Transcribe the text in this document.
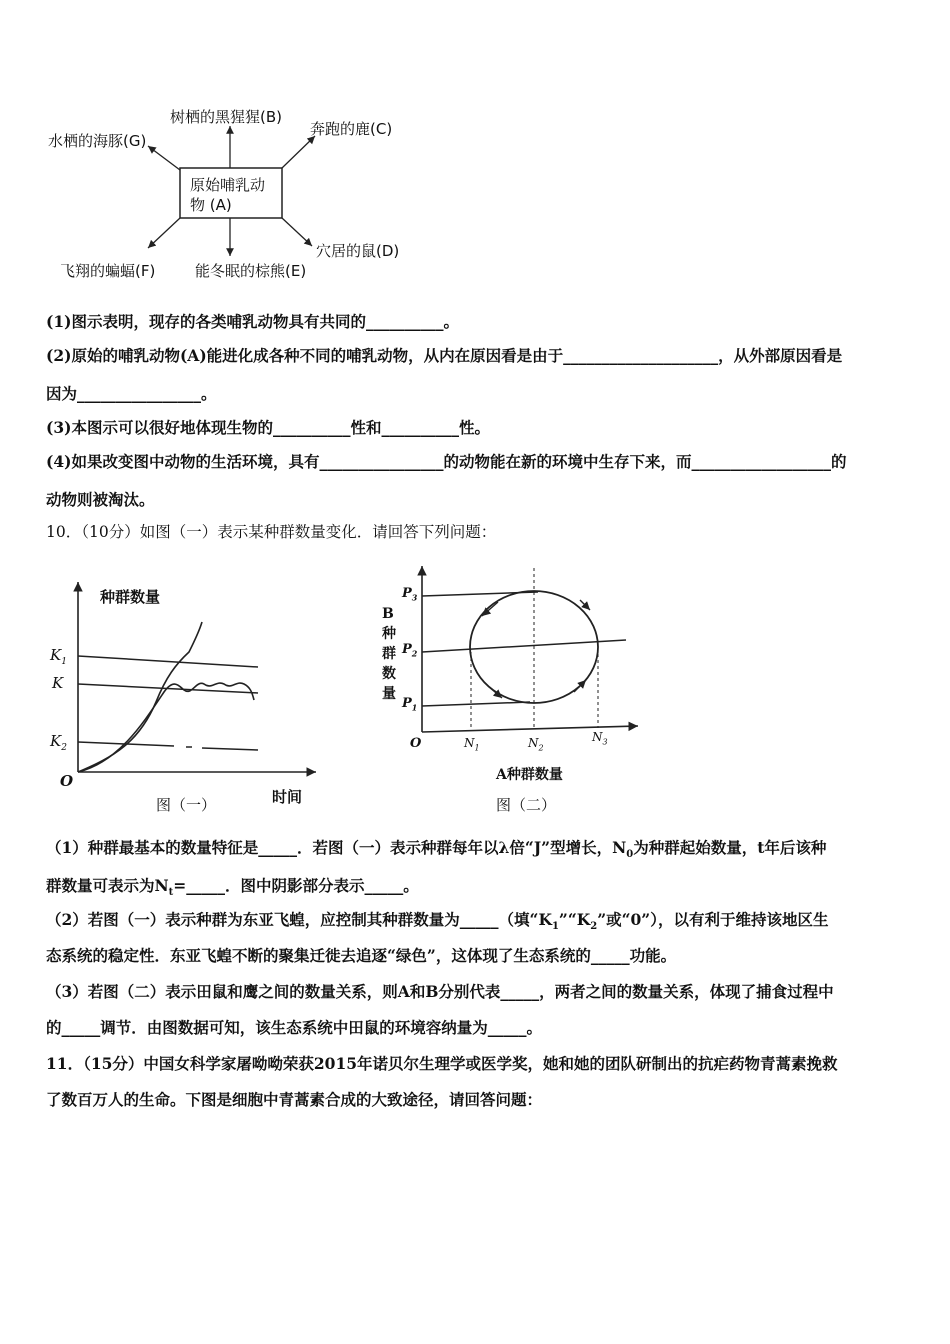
原始哺乳动
物 (A)
树栖的黑猩猩(B)
奔跑的鹿(C)
水栖的海豚(G)
穴居的鼠(D)
飞翔的蝙蝠(F)	能冬眠的棕熊(E)
(1)图示表明，现存的各类哺乳动物具有共同的__________。
(2)原始的哺乳动物(A)能进化成各种不同的哺乳动物，从内在原因看是由于____________________，从外部原因看是
因为________________。
(3)本图示可以很好地体现生物的__________性和__________性。
(4)如果改变图中动物的生活环境，具有________________的动物能在新的环境中生存下来，而__________________的
动物则被淘汰。
10．（10分）如图（一）表示某种群数量变化．请回答下列问题：
种群数量
$K_1$
K
$K_2$
O
时间
图（一）
B
种
群
数
量
$P_3$
$P_2$
$P_1$
O	$N_1$	$N_2$
$N_3$
A种群数量
图（二）
（1）种群最基本的数量特征是_____．若图（一）表示种群每年以λ倍“J”型增长，$N_0$为种群起始数量，t年后该种
群数量可表示为$N_t=\_\_\_\_\_$．图中阴影部分表示_____。
（2）若图（一）表示种群为东亚飞蝗，应控制其种群数量为_____（填“$K_1”“K_2$”或“0”），以有利于维持该地区生
态系统的稳定性．东亚飞蝗不断的聚集迁徙去追逐“绿色”，这体现了生态系统的_____功能。
（3）若图（二）表示田鼠和鹰之间的数量关系，则A和B分别代表_____，两者之间的数量关系，体现了捕食过程中
的_____调节．由图数据可知，该生态系统中田鼠的环境容纳量为_____。
11．（15分）中国女科学家屠呦呦荣获2015年诺贝尔生理学或医学奖，她和她的团队研制出的抗疟药物青蒿素挽救
了数百万人的生命。下图是细胞中青蒿素合成的大致途径，请回答问题：
